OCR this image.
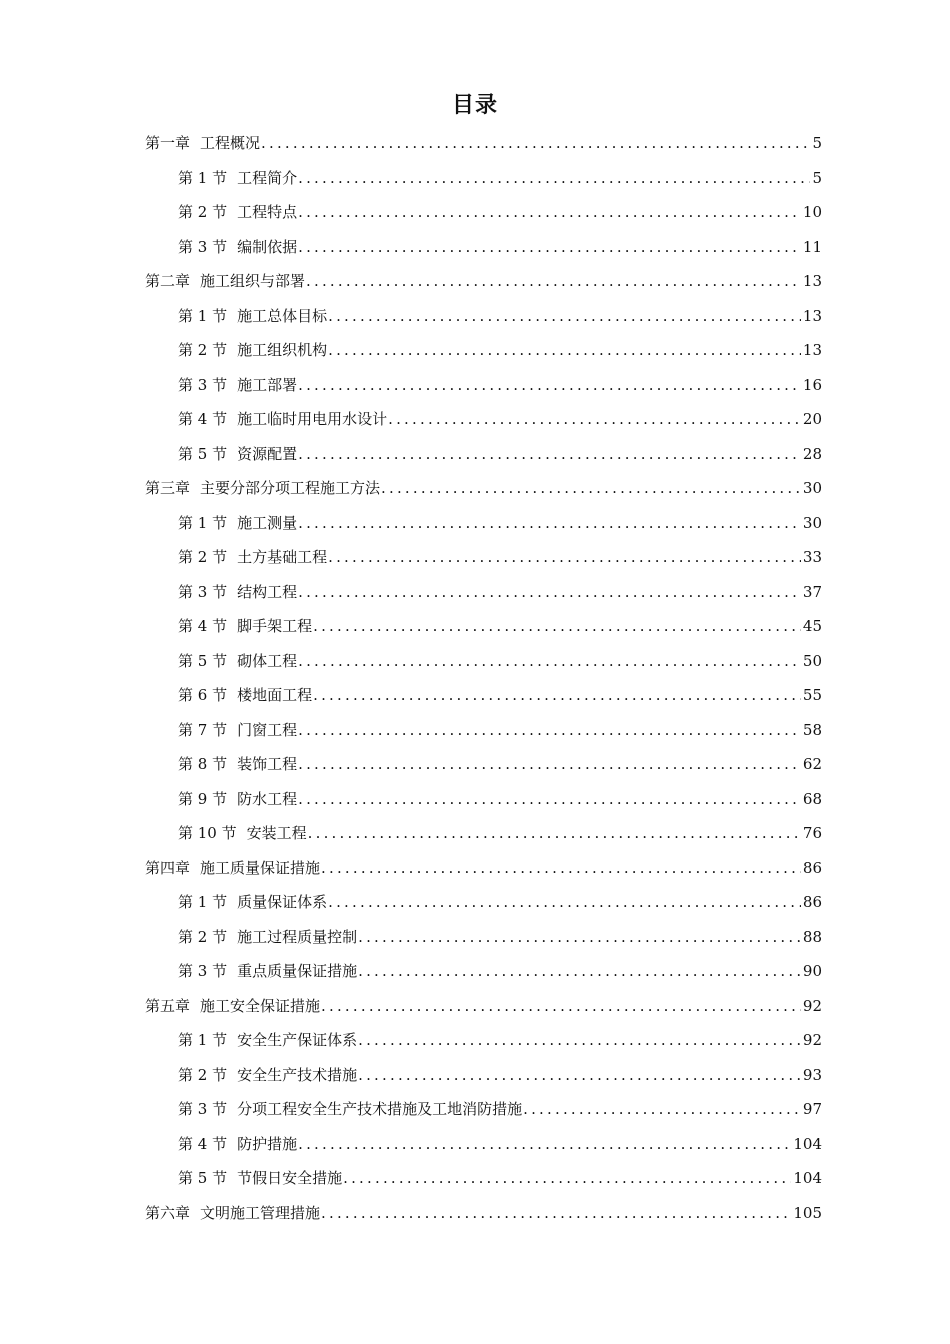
目录
第一章 工程概况 .....	5
第 1 节 工程简介 .....	5
第 2 节 工程特点 .....	10
第 3 节 编制依据 .....	11
第二章 施工组织与部署 .....	13
第 1 节 施工总体目标 .....	13
第 2 节 施工组织机构 .....	13
第 3 节 施工部署 .....	16
第 4 节 施工临时用电用水设计 .....	20
第 5 节 资源配置 .....	28
第三章 主要分部分项工程施工方法 .....	30
第 1 节 施工测量 .....	30
第 2 节 土方基础工程 .....	33
第 3 节 结构工程 .....	37
第 4 节 脚手架工程 .....	45
第 5 节 砌体工程 .....	50
第 6 节 楼地面工程 .....	55
第 7 节 门窗工程 .....	58
第 8 节 装饰工程 .....	62
第 9 节 防水工程 .....	68
第 10 节 安装工程 .....	76
第四章 施工质量保证措施 .....	86
第 1 节 质量保证体系 .....	86
第 2 节 施工过程质量控制 .....	88
第 3 节 重点质量保证措施 .....	90
第五章 施工安全保证措施 .....	92
第 1 节 安全生产保证体系 .....	92
第 2 节 安全生产技术措施 .....	93
第 3 节 分项工程安全生产技术措施及工地消防措施 .....	97
第 4 节 防护措施 .....	104
第 5 节 节假日安全措施 .....	104
第六章 文明施工管理措施 .....	105
